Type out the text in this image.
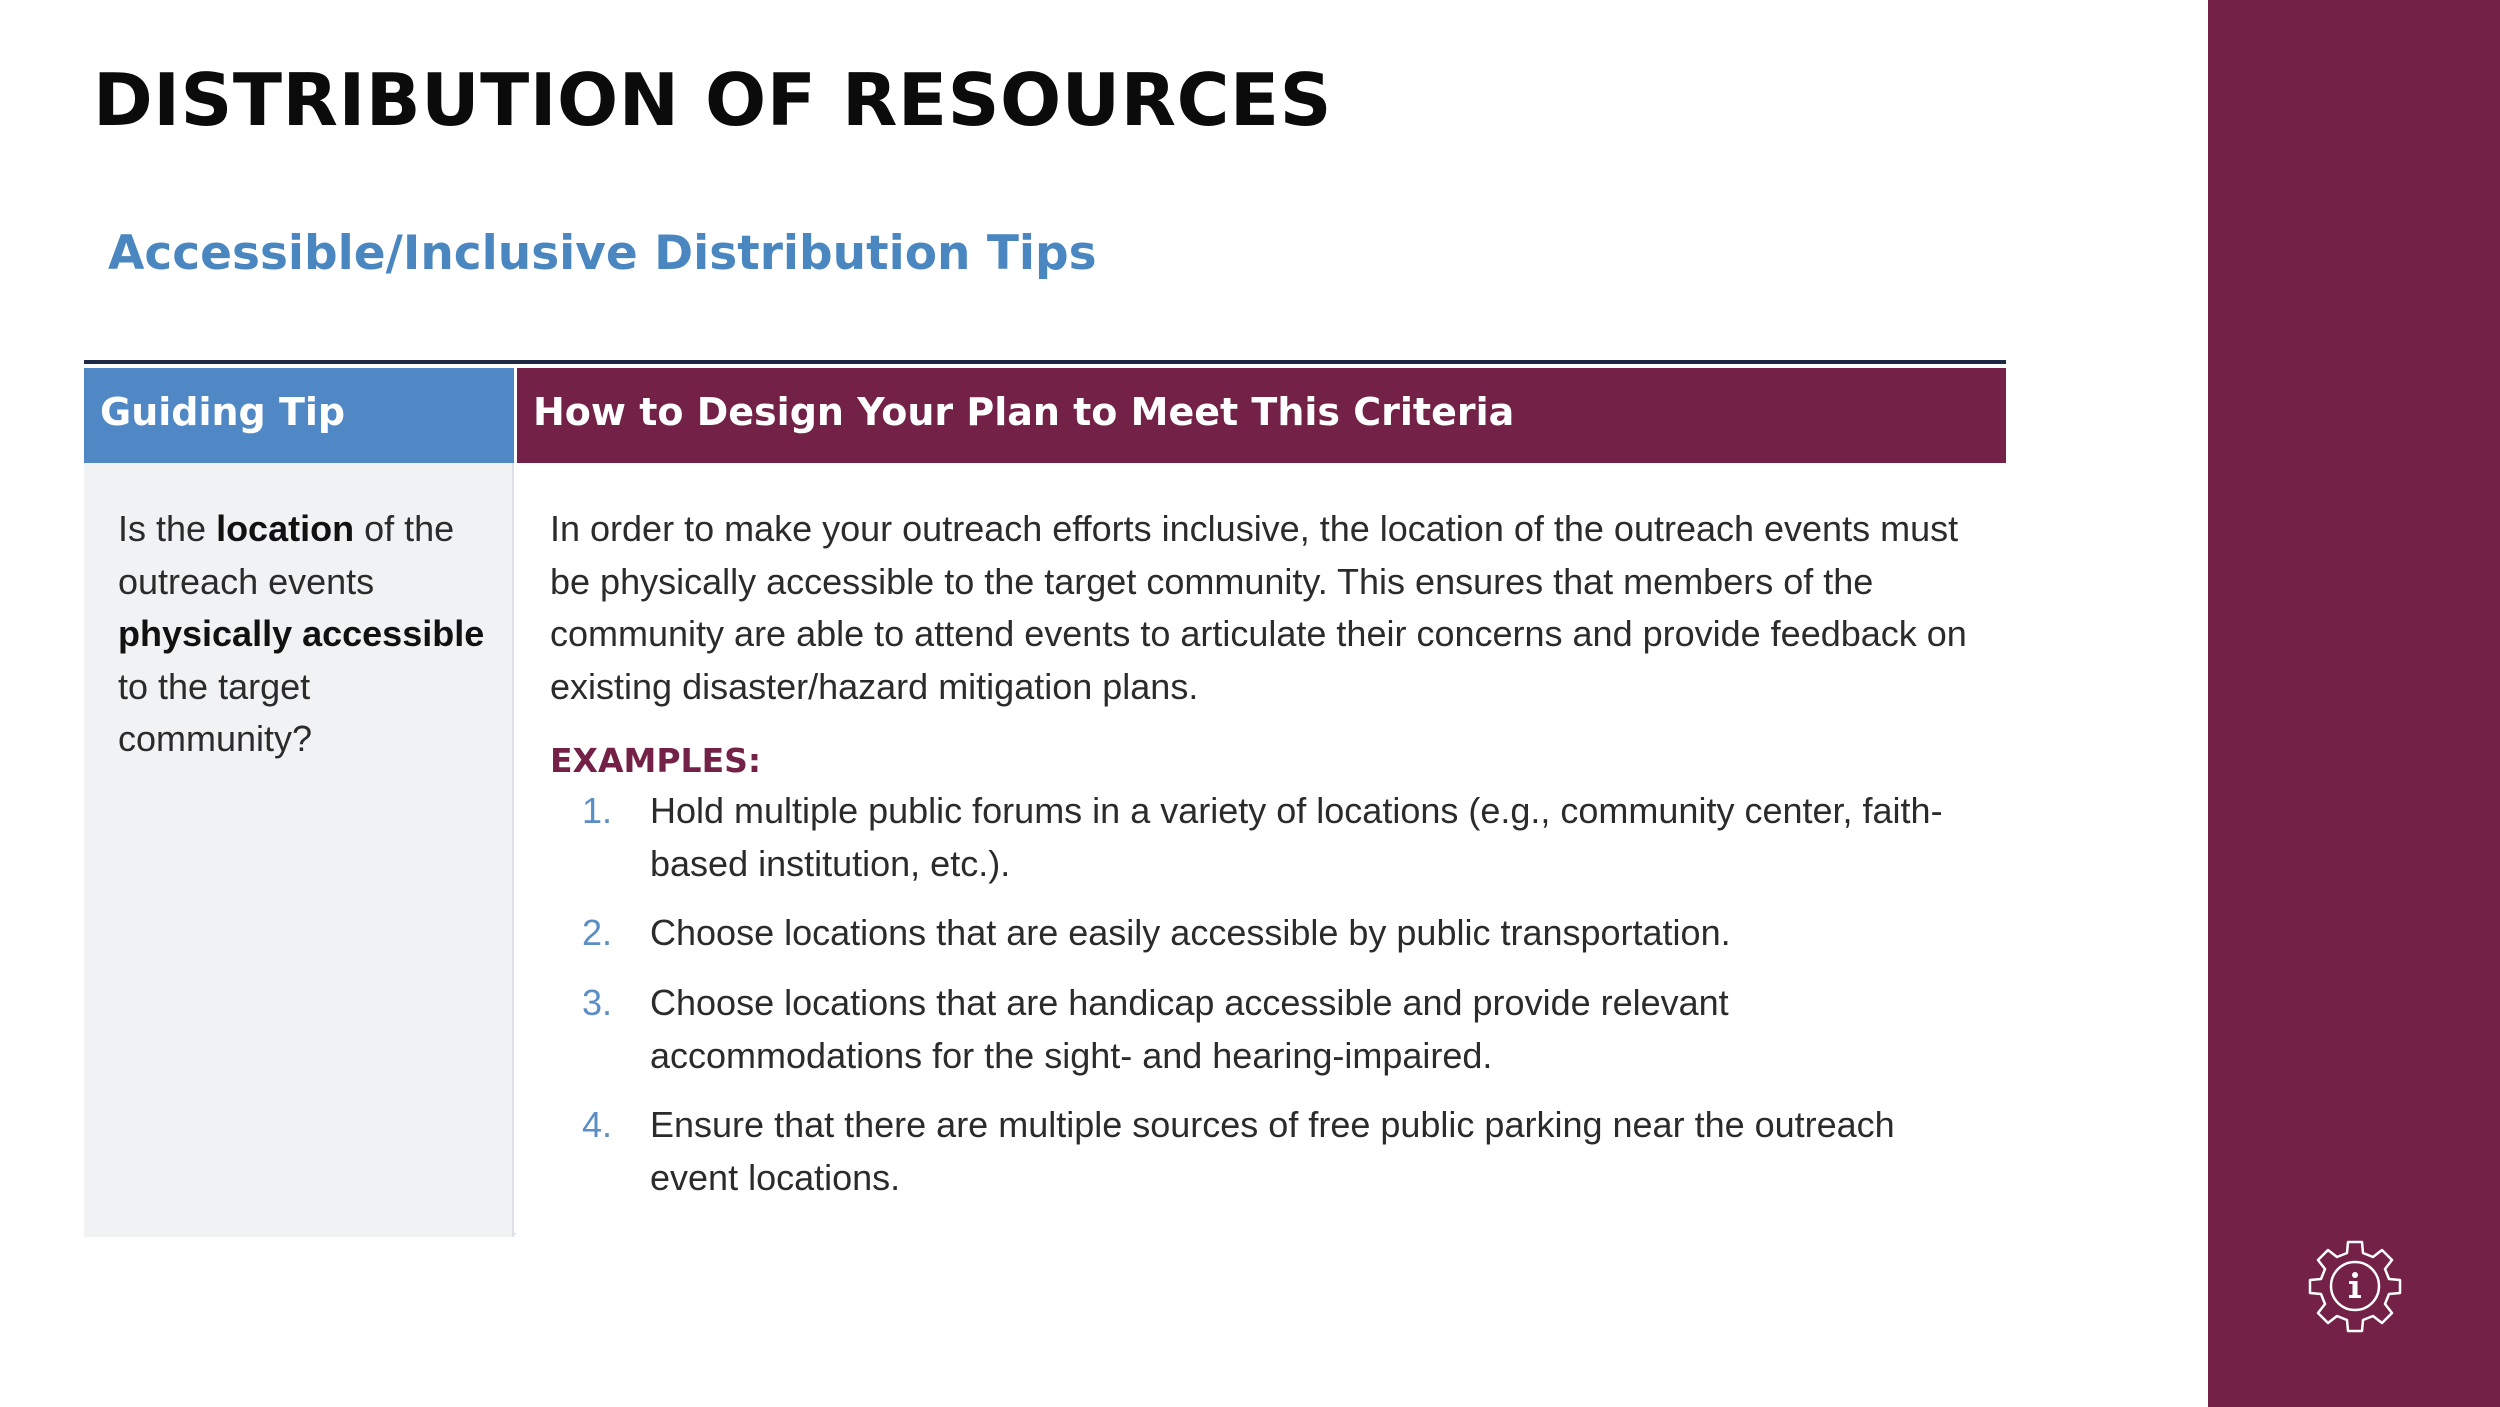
DISTRIBUTION OF RESOURCES
Accessible/Inclusive Distribution Tips
Guiding Tip	How to Design Your Plan to Meet This Criteria
Is the location of the outreach events physically accessible to the target community?
In order to make your outreach efforts inclusive, the location of the outreach events must be physically accessible to the target community. This ensures that members of the community are able to attend events to articulate their concerns and provide feedback on existing disaster/hazard mitigation plans.
EXAMPLES:
1. Hold multiple public forums in a variety of locations (e.g., community center, faith-based institution, etc.).
2. Choose locations that are easily accessible by public transportation.
3. Choose locations that are handicap accessible and provide relevant accommodations for the sight- and hearing-impaired.
4. Ensure that there are multiple sources of free public parking near the outreach event locations.
